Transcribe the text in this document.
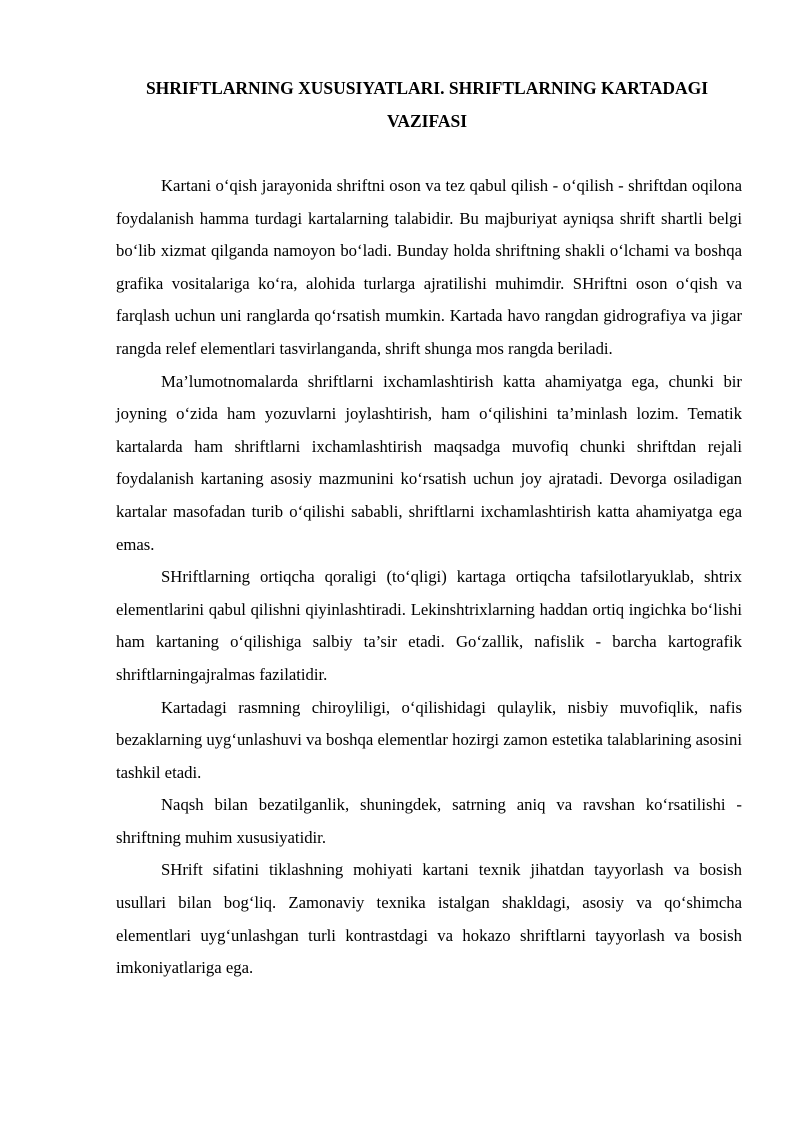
SHRIFTLARNING XUSUSIYATLARI. SHRIFTLARNING KARTADAGI
VAZIFASI

Kartani o‘qish jarayonida shriftni oson va tez qabul qilish - o‘qilish - shriftdan oqilona foydalanish hamma turdagi kartalarning talabidir. Bu majburiyat ayniqsa shrift shartli belgi bo‘lib xizmat qilganda namoyon bo‘ladi. Bunday holda shriftning shakli o‘lchami va boshqa grafika vositalariga ko‘ra, alohida turlarga ajratilishi muhimdir. SHriftni oson o‘qish va farqlash uchun uni ranglarda qo‘rsatish mumkin. Kartada havo rangdan gidrografiya va jigar rangda relef elementlari tasvirlanganda, shrift shunga mos rangda beriladi.

Ma’lumotnomalarda shriftlarni ixchamlashtirish katta ahamiyatga ega, chunki bir joyning o‘zida ham yozuvlarni joylashtirish, ham o‘qilishini ta’minlash lozim. Tematik kartalarda ham shriftlarni ixchamlashtirish maqsadga muvofiq chunki shriftdan rejali foydalanish kartaning asosiy mazmunini ko‘rsatish uchun joy ajratadi. Devorga osiladigan kartalar masofadan turib o‘qilishi sababli, shriftlarni ixchamlashtirish katta ahamiyatga ega emas.

SHriftlarning ortiqcha qoraligi (to‘qligi) kartaga ortiqcha tafsilotlaryuklab, shtrix elementlarini qabul qilishni qiyinlashtiradi. Lekinshtrixlarning haddan ortiq ingichka bo‘lishi ham kartaning o‘qilishiga salbiy ta’sir etadi. Go‘zallik, nafislik - barcha kartografik shriftlarningajralmas fazilatidir.

Kartadagi rasmning chiroyliligi, o‘qilishidagi qulaylik, nisbiy muvofiqlik, nafis bezaklarning uyg‘unlashuvi va boshqa elementlar hozirgi zamon estetika talablarining asosini tashkil etadi.

Naqsh bilan bezatilganlik, shuningdek, satrning aniq va ravshan ko‘rsatilishi - shriftning muhim xususiyatidir.

SHrift sifatini tiklashning mohiyati kartani texnik jihatdan tayyorlash va bosish usullari bilan bog‘liq. Zamonaviy texnika istalgan shakldagi, asosiy va qo‘shimcha elementlari uyg‘unlashgan turli kontrastdagi va hokazo shriftlarni tayyorlash va bosish imkoniyatlariga ega.
